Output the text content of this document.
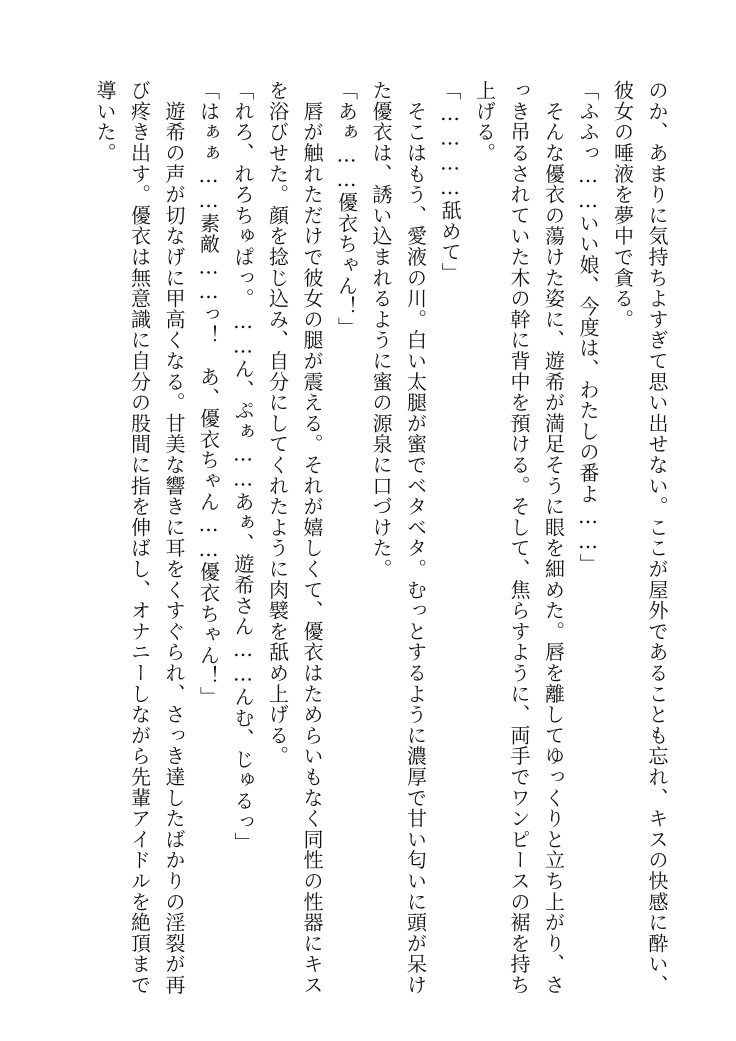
のか、あまりに気持ちよすぎて思い出せない。ここが屋外であることも忘れ、キスの快感に酔い、
彼女の唾液を夢中で貪る。
「ふふっ……いい娘、今度は、わたしの番よ……」
　そんな優衣の蕩けた姿に、遊希が満足そうに眼を細めた。唇を離してゆっくりと立ち上がり、さ
っき吊るされていた木の幹に背中を預ける。そして、焦らすように、両手でワンピースの裾を持ち
上げる。
「…………舐めて」
　そこはもう、愛液の川。白い太腿が蜜でベタベタ。むっとするように濃厚で甘い匂いに頭が呆け
た優衣は、誘い込まれるように蜜の源泉に口づけた。
「あぁ……優衣ちゃん！」
　唇が触れただけで彼女の腿が震える。それが嬉しくて、優衣はためらいもなく同性の性器にキス
を浴びせた。顔を捻じ込み、自分にしてくれたように肉襞を舐め上げる。
「れろ、れろちゅぱっ。……ん、ぷぁ……あぁ、遊希さん……んむ、じゅるっ」
「はぁぁ……素敵……っ！　あ、優衣ちゃん……優衣ちゃん！」
　遊希の声が切なげに甲高くなる。甘美な響きに耳をくすぐられ、さっき達したばかりの淫裂が再
び疼き出す。優衣は無意識に自分の股間に指を伸ばし、オナニーしながら先輩アイドルを絶頂まで
導いた。
